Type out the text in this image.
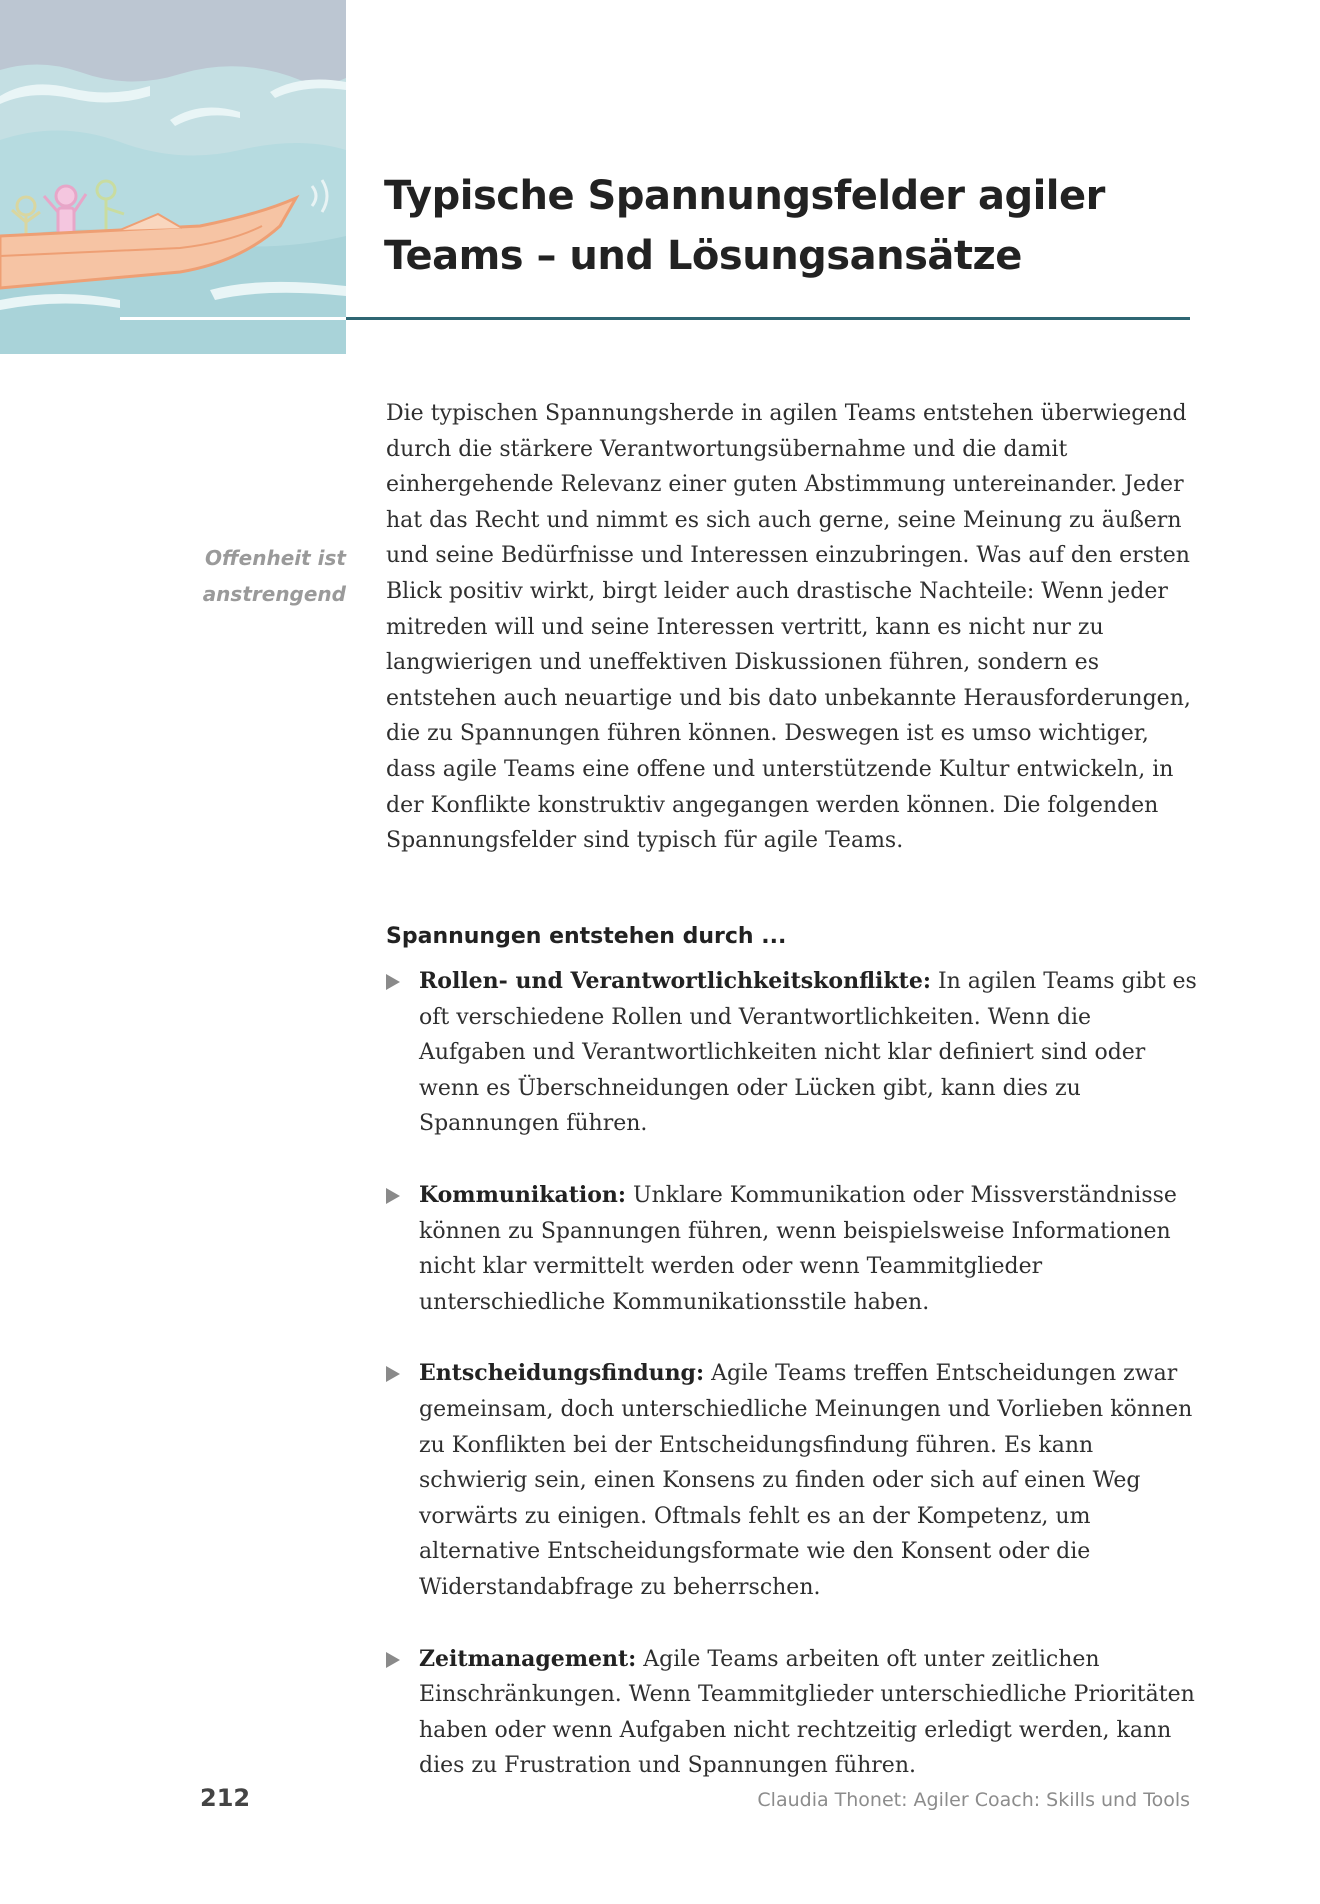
Typische Spannungsfelder agiler
Teams – und Lösungsansätze
Offenheit ist
anstrengend

Die typischen Spannungsherde in agilen Teams entstehen überwiegend durch die stärkere Verantwortungsübernahme und die damit einhergehende Relevanz einer guten Abstimmung untereinander. Jeder hat das Recht und nimmt es sich auch gerne, seine Meinung zu äußern und seine Bedürfnisse und Interessen einzubringen. Was auf den ersten Blick positiv wirkt, birgt leider auch drastische Nachteile: Wenn jeder mitreden will und seine Interessen vertritt, kann es nicht nur zu langwierigen und uneffektiven Diskussionen führen, sondern es entstehen auch neuartige und bis dato unbekannte Herausforderungen, die zu Spannungen führen können. Deswegen ist es umso wichtiger, dass agile Teams eine offene und unterstützende Kultur entwickeln, in der Konflikte konstruktiv angegangen werden können. Die folgenden Spannungsfelder sind typisch für agile Teams.

Spannungen entstehen durch ...
Rollen- und Verantwortlichkeitskonflikte: In agilen Teams gibt es oft verschiedene Rollen und Verantwortlichkeiten. Wenn die Aufgaben und Verantwortlichkeiten nicht klar definiert sind oder wenn es Überschneidungen oder Lücken gibt, kann dies zu Spannungen führen.
Kommunikation: Unklare Kommunikation oder Missverständnisse können zu Spannungen führen, wenn beispielsweise Informationen nicht klar vermittelt werden oder wenn Teammitglieder unterschiedliche Kommunikationsstile haben.
Entscheidungsfindung: Agile Teams treffen Entscheidungen zwar gemeinsam, doch unterschiedliche Meinungen und Vorlieben können zu Konflikten bei der Entscheidungsfindung führen. Es kann schwierig sein, einen Konsens zu finden oder sich auf einen Weg vorwärts zu einigen. Oftmals fehlt es an der Kompetenz, um alternative Entscheidungsformate wie den Konsent oder die Widerstandabfrage zu beherrschen.
Zeitmanagement: Agile Teams arbeiten oft unter zeitlichen Einschränkungen. Wenn Teammitglieder unterschiedliche Prioritäten haben oder wenn Aufgaben nicht rechtzeitig erledigt werden, kann dies zu Frustration und Spannungen führen.
212	Claudia Thonet: Agiler Coach: Skills und Tools
